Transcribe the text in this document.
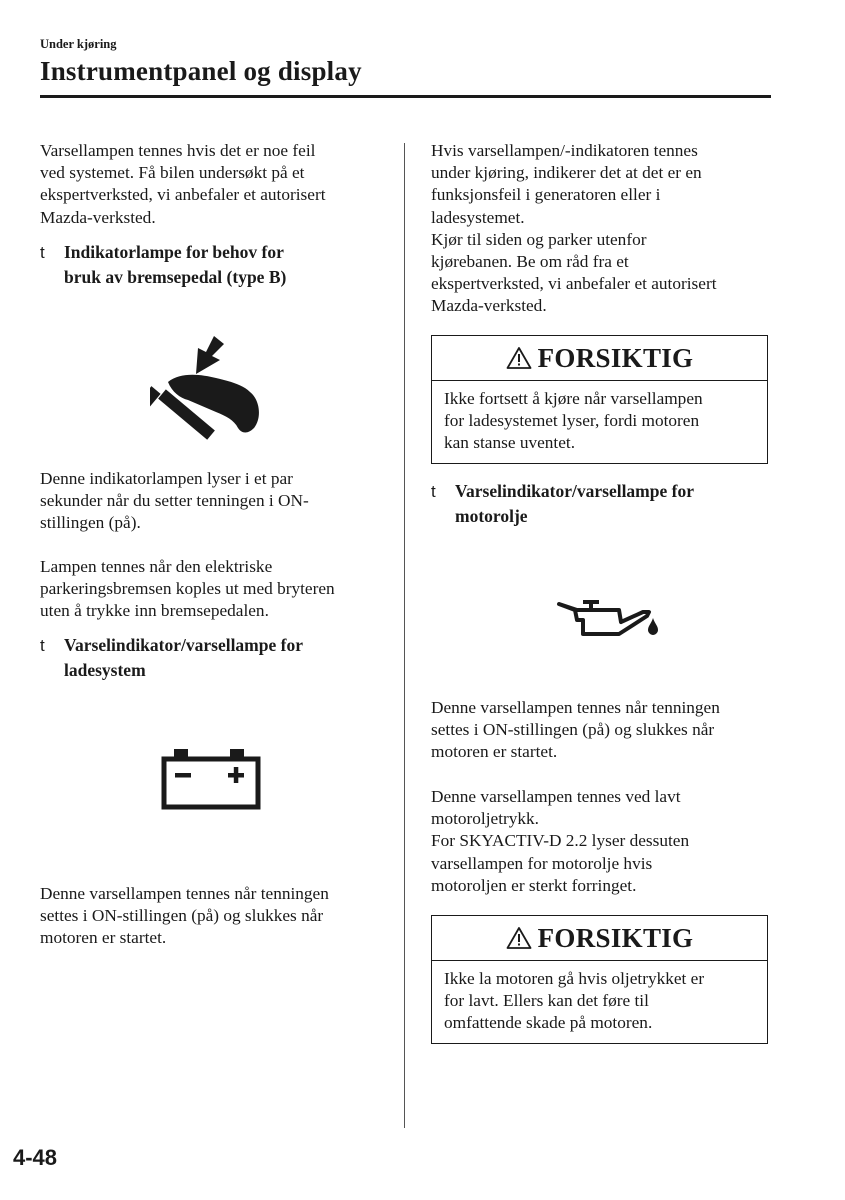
Under kjøring
Instrumentpanel og display

Varsellampen tennes hvis det er noe feil
ved systemet. Få bilen undersøkt på et
ekspertverksted, vi anbefaler et autorisert
Mazda-verksted.

t Indikatorlampe for behov for
bruk av bremsepedal (type B)

Denne indikatorlampen lyser i et par
sekunder når du setter tenningen i ON-
stillingen (på).

Lampen tennes når den elektriske
parkeringsbremsen koples ut med bryteren
uten å trykke inn bremsepedalen.

t Varselindikator/varsellampe for
ladesystem

Denne varsellampen tennes når tenningen
settes i ON-stillingen (på) og slukkes når
motoren er startet.

Hvis varsellampen/-indikatoren tennes
under kjøring, indikerer det at det er en
funksjonsfeil i generatoren eller i
ladesystemet.
Kjør til siden og parker utenfor
kjørebanen. Be om råd fra et
ekspertverksted, vi anbefaler et autorisert
Mazda-verksted.

FORSIKTIG
Ikke fortsett å kjøre når varsellampen
for ladesystemet lyser, fordi motoren
kan stanse uventet.
t Varselindikator/varsellampe for
motorolje

Denne varsellampen tennes når tenningen
settes i ON-stillingen (på) og slukkes når
motoren er startet.

Denne varsellampen tennes ved lavt
motoroljetrykk.
For SKYACTIV-D 2.2 lyser dessuten
varsellampen for motorolje hvis
motoroljen er sterkt forringet.

FORSIKTIG
Ikke la motoren gå hvis oljetrykket er
for lavt. Ellers kan det føre til
omfattende skade på motoren.
4-48
